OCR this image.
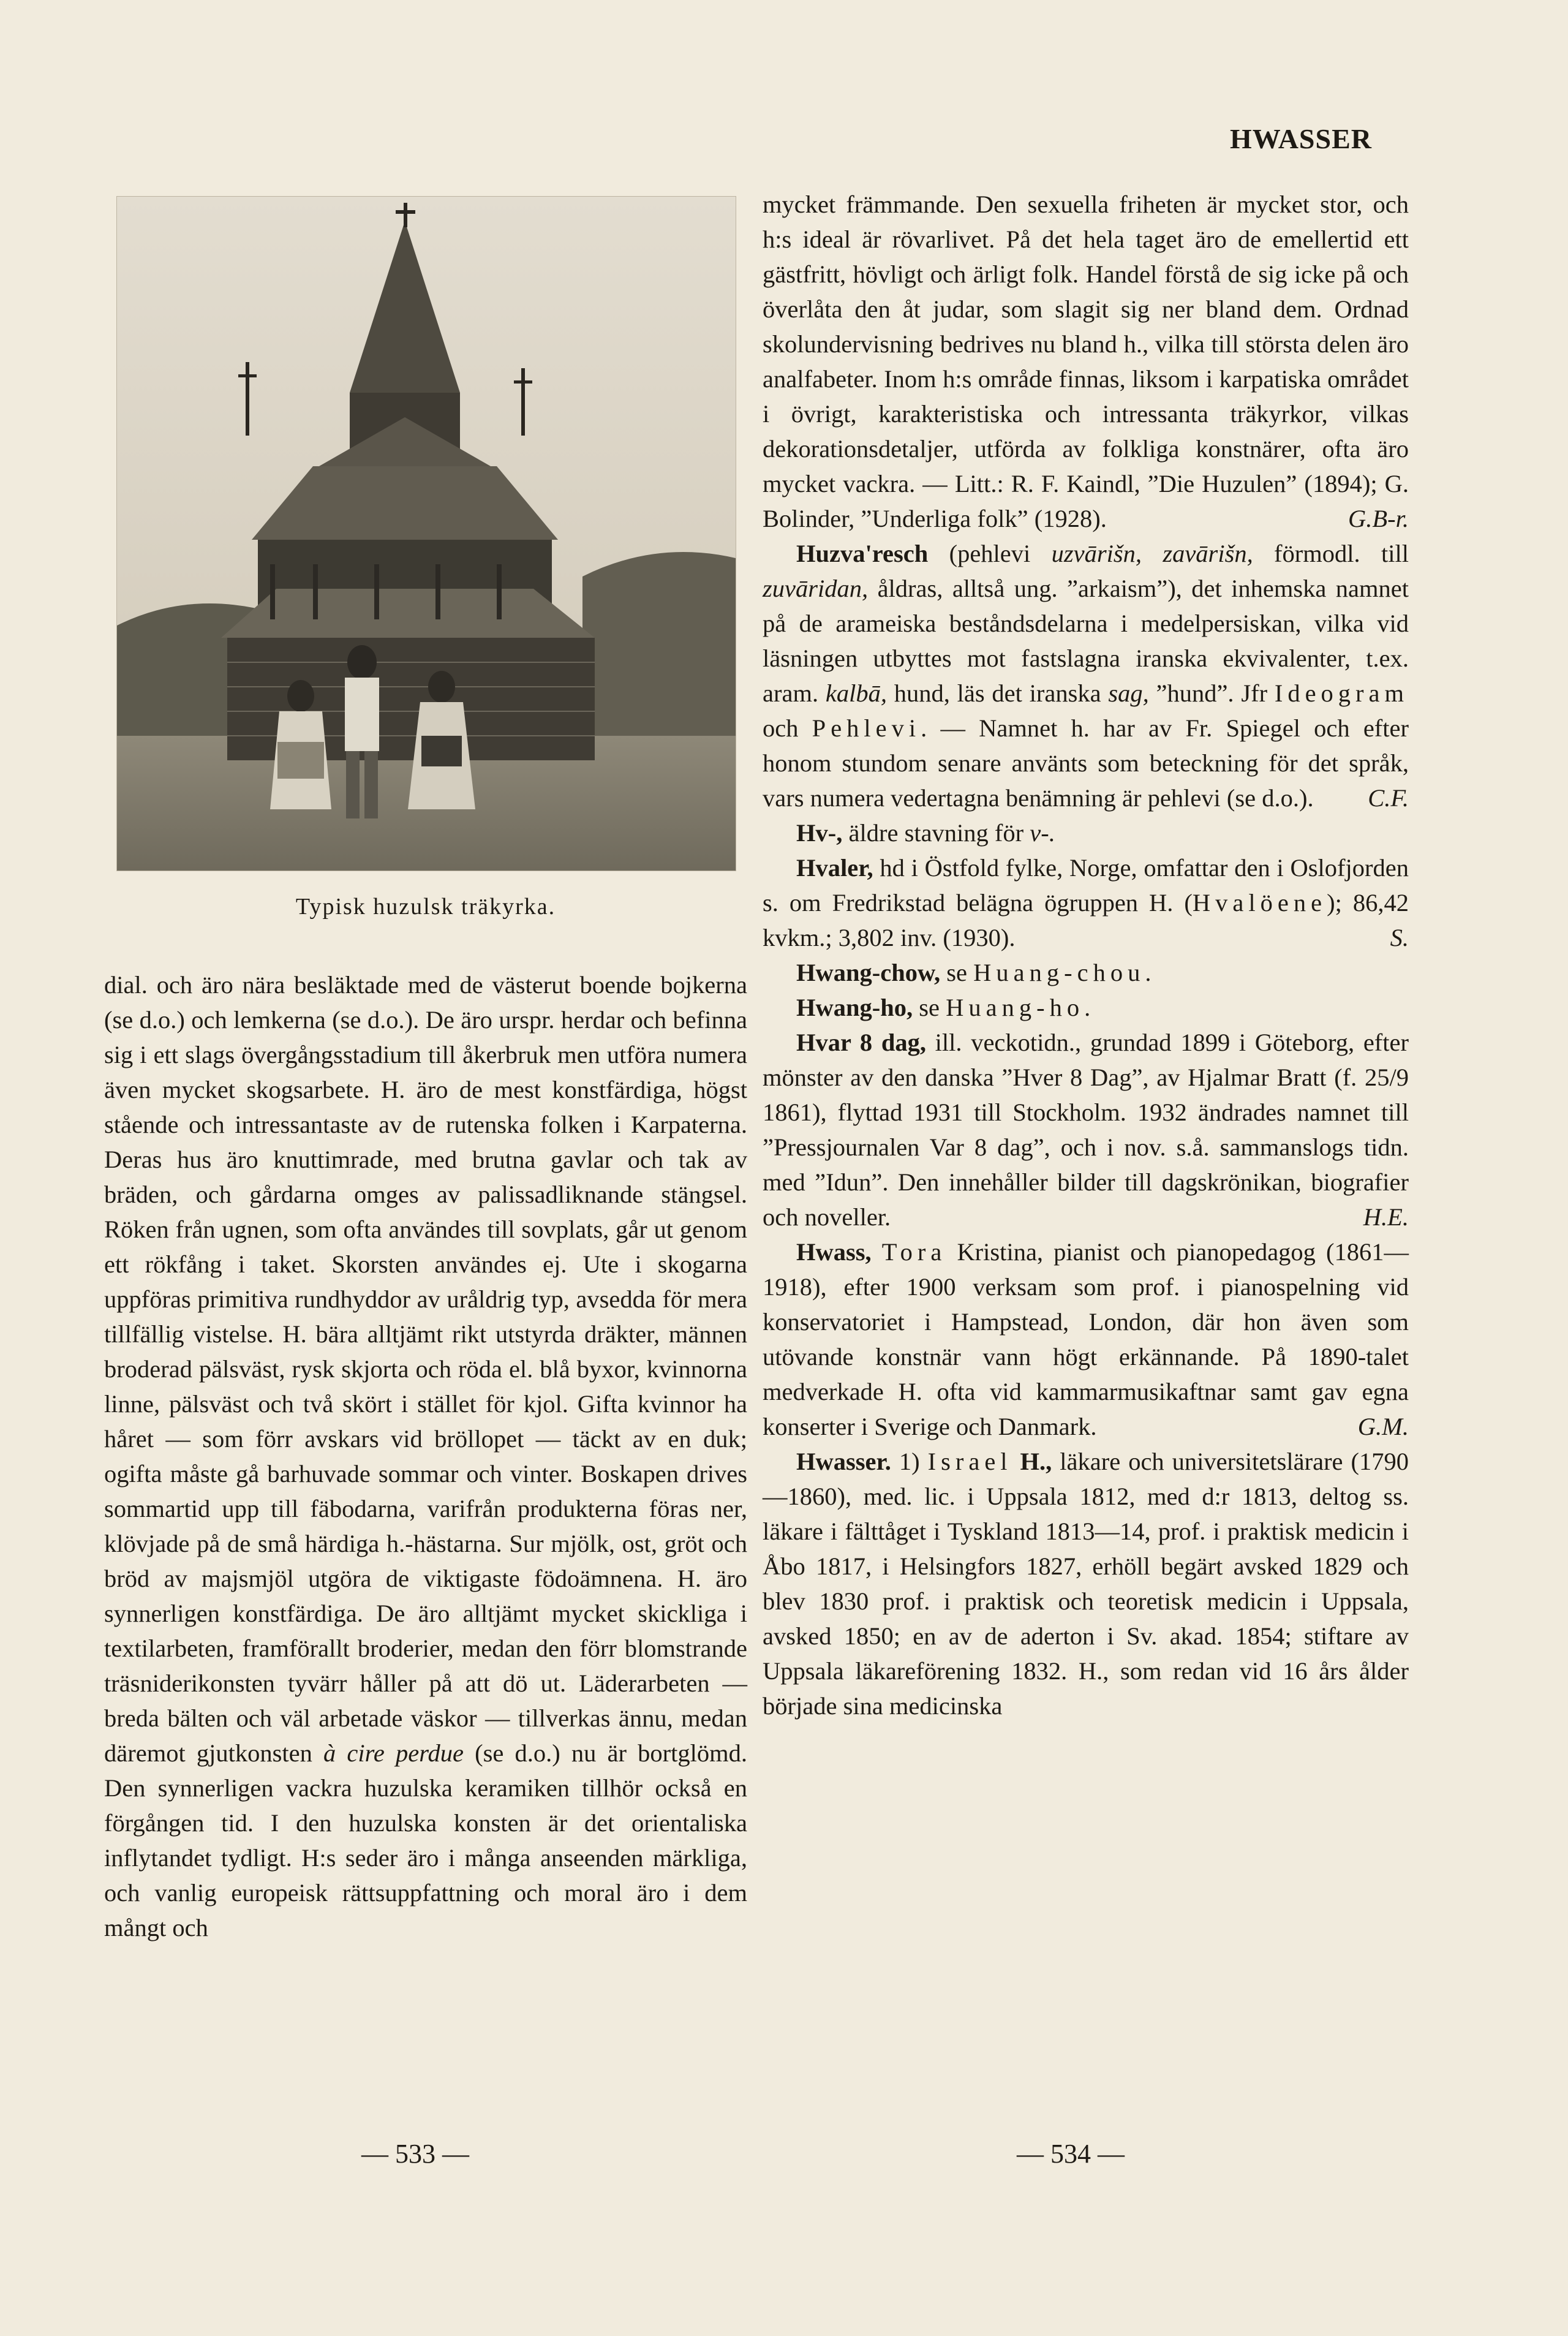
HWASSER
Typisk huzulsk träkyrka.

dial. och äro nära besläktade med de västerut boende bojkerna (se d.o.) och lemkerna (se d.o.). De äro urspr. herdar och befinna sig i ett slags övergångsstadium till åkerbruk men utföra numera även mycket skogsarbete. H. äro de mest konstfärdiga, högst stående och intressantaste av de rutenska folken i Karpaterna. Deras hus äro knuttimrade, med brutna gavlar och tak av bräden, och gårdarna omges av palissadliknande stängsel. Röken från ugnen, som ofta användes till sovplats, går ut genom ett rökfång i taket. Skorsten användes ej. Ute i skogarna uppföras primitiva rundhyddor av uråldrig typ, avsedda för mera tillfällig vistelse. H. bära alltjämt rikt utstyrda dräkter, männen broderad pälsväst, rysk skjorta och röda el. blå byxor, kvinnorna linne, pälsväst och två skört i stället för kjol. Gifta kvinnor ha håret — som förr avskars vid bröllopet — täckt av en duk; ogifta måste gå barhuvade sommar och vinter. Boskapen drives sommartid upp till fäbodarna, varifrån produkterna föras ner, klövjade på de små härdiga h.-hästarna. Sur mjölk, ost, gröt och bröd av majsmjöl utgöra de viktigaste födoämnena. H. äro synnerligen konstfärdiga. De äro alltjämt mycket skickliga i textilarbeten, framförallt broderier, medan den förr blomstrande träsniderikonsten tyvärr håller på att dö ut. Läderarbeten — breda bälten och väl arbetade väskor — tillverkas ännu, medan däremot gjutkonsten à cire perdue (se d.o.) nu är bortglömd. Den synnerligen vackra huzulska keramiken tillhör också en förgången tid. I den huzulska konsten är det orientaliska inflytandet tydligt. H:s seder äro i många anseenden märkliga, och vanlig europeisk rättsuppfattning och moral äro i dem mångt och

mycket främmande. Den sexuella friheten är mycket stor, och h:s ideal är rövarlivet. På det hela taget äro de emellertid ett gästfritt, hövligt och ärligt folk. Handel förstå de sig icke på och överlåta den åt judar, som slagit sig ner bland dem. Ordnad skolundervisning bedrives nu bland h., vilka till största delen äro analfabeter. Inom h:s område finnas, liksom i karpatiska området i övrigt, karakteristiska och intressanta träkyrkor, vilkas dekorationsdetaljer, utförda av folkliga konstnärer, ofta äro mycket vackra. — Litt.: R. F. Kaindl, ”Die Huzulen” (1894); G. Bolinder, ”Underliga folk” (1928).	G.B-r.

Huzva'resch (pehlevi uzvārišn, zavārišn, förmodl. till zuvāridan, åldras, alltså ung. ”arkaism”), det inhemska namnet på de arameiska beståndsdelarna i medelpersiskan, vilka vid läsningen utbyttes mot fastslagna iranska ekvivalenter, t.ex. aram. kalbā, hund, läs det iranska sag, ”hund”. Jfr Ideogram och Pehlevi. — Namnet h. har av Fr. Spiegel och efter honom stundom senare använts som beteckning för det språk, vars numera vedertagna benämning är pehlevi (se d.o.).	C.F.

Hv-, äldre stavning för v-.

Hvaler, hd i Östfold fylke, Norge, omfattar den i Oslofjorden s. om Fredrikstad belägna ögruppen H. (Hvalöene); 86,42 kvkm.; 3,802 inv. (1930).	S.

Hwang-chow, se Huang-chou.

Hwang-ho, se Huang-ho.

Hvar 8 dag, ill. veckotidn., grundad 1899 i Göteborg, efter mönster av den danska ”Hver 8 Dag”, av Hjalmar Bratt (f. 25/9 1861), flyttad 1931 till Stockholm. 1932 ändrades namnet till ”Pressjournalen Var 8 dag”, och i nov. s.å. sammanslogs tidn. med ”Idun”. Den innehåller bilder till dagskrönikan, biografier och noveller.	H.E.

Hwass, Tora Kristina, pianist och pianopedagog (1861—1918), efter 1900 verksam som prof. i pianospelning vid konservatoriet i Hampstead, London, där hon även som utövande konstnär vann högt erkännande. På 1890-talet medverkade H. ofta vid kammarmusikaftnar samt gav egna konserter i Sverige och Danmark.	G.M.

Hwasser. 1) Israel H., läkare och universitetslärare (1790—1860), med. lic. i Uppsala 1812, med d:r 1813, deltog ss. läkare i fälttåget i Tyskland 1813—14, prof. i praktisk medicin i Åbo 1817, i Helsingfors 1827, erhöll begärt avsked 1829 och blev 1830 prof. i praktisk och teoretisk medicin i Uppsala, avsked 1850; en av de aderton i Sv. akad. 1854; stiftare av Uppsala läkareförening 1832. H., som redan vid 16 års ålder började sina medicinska

— 533 —	— 534 —
